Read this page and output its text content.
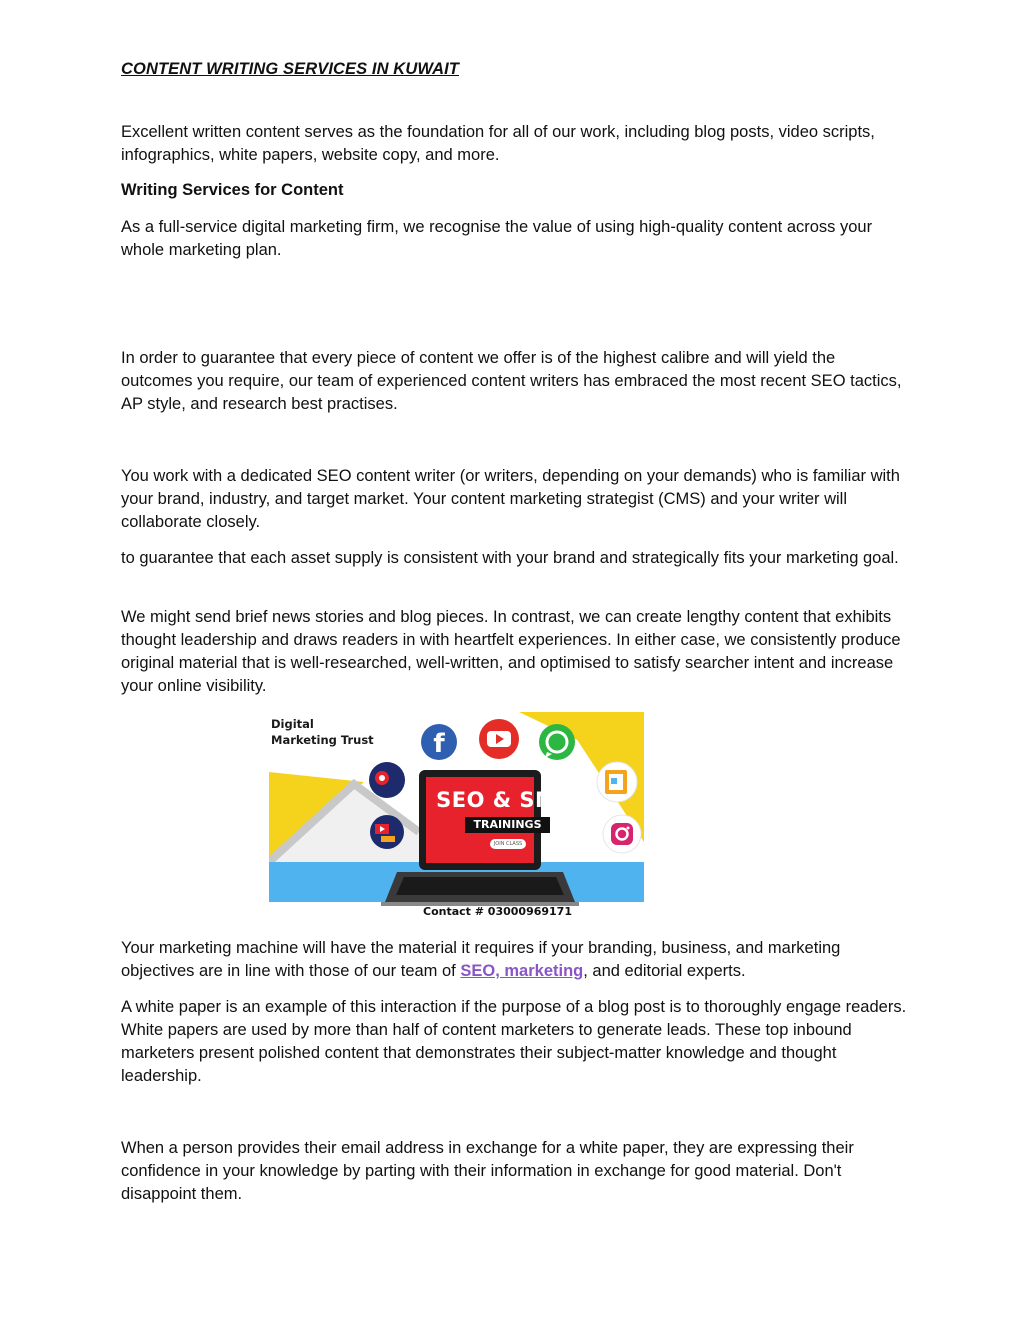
CONTENT WRITING SERVICES IN KUWAIT

Excellent written content serves as the foundation for all of our work, including blog posts, video scripts, infographics, white papers, website copy, and more.

Writing Services for Content

As a full-service digital marketing firm, we recognise the value of using high-quality content across your whole marketing plan.

In order to guarantee that every piece of content we offer is of the highest calibre and will yield the outcomes you require, our team of experienced content writers has embraced the most recent SEO tactics, AP style, and research best practises.

You work with a dedicated SEO content writer (or writers, depending on your demands) who is familiar with your brand, industry, and target market. Your content marketing strategist (CMS) and your writer will collaborate closely.

to guarantee that each asset supply is consistent with your brand and strategically fits your marketing goal.

We might send brief news stories and blog pieces. In contrast, we can create lengthy content that exhibits thought leadership and draws readers in with heartfelt experiences. In either case, we consistently produce original material that is well-researched, well-written, and optimised to satisfy searcher intent and increase your online visibility.

f

Digital
Marketing Trust

SEO & SMM
TRAININGS
JOIN CLASS
Contact # 03000969171

Your marketing machine will have the material it requires if your branding, business, and marketing objectives are in line with those of our team of SEO, marketing, and editorial experts.

A white paper is an example of this interaction if the purpose of a blog post is to thoroughly engage readers. White papers are used by more than half of content marketers to generate leads. These top inbound marketers present polished content that demonstrates their subject-matter knowledge and thought leadership.

When a person provides their email address in exchange for a white paper, they are expressing their confidence in your knowledge by parting with their information in exchange for good material. Don't disappoint them.
